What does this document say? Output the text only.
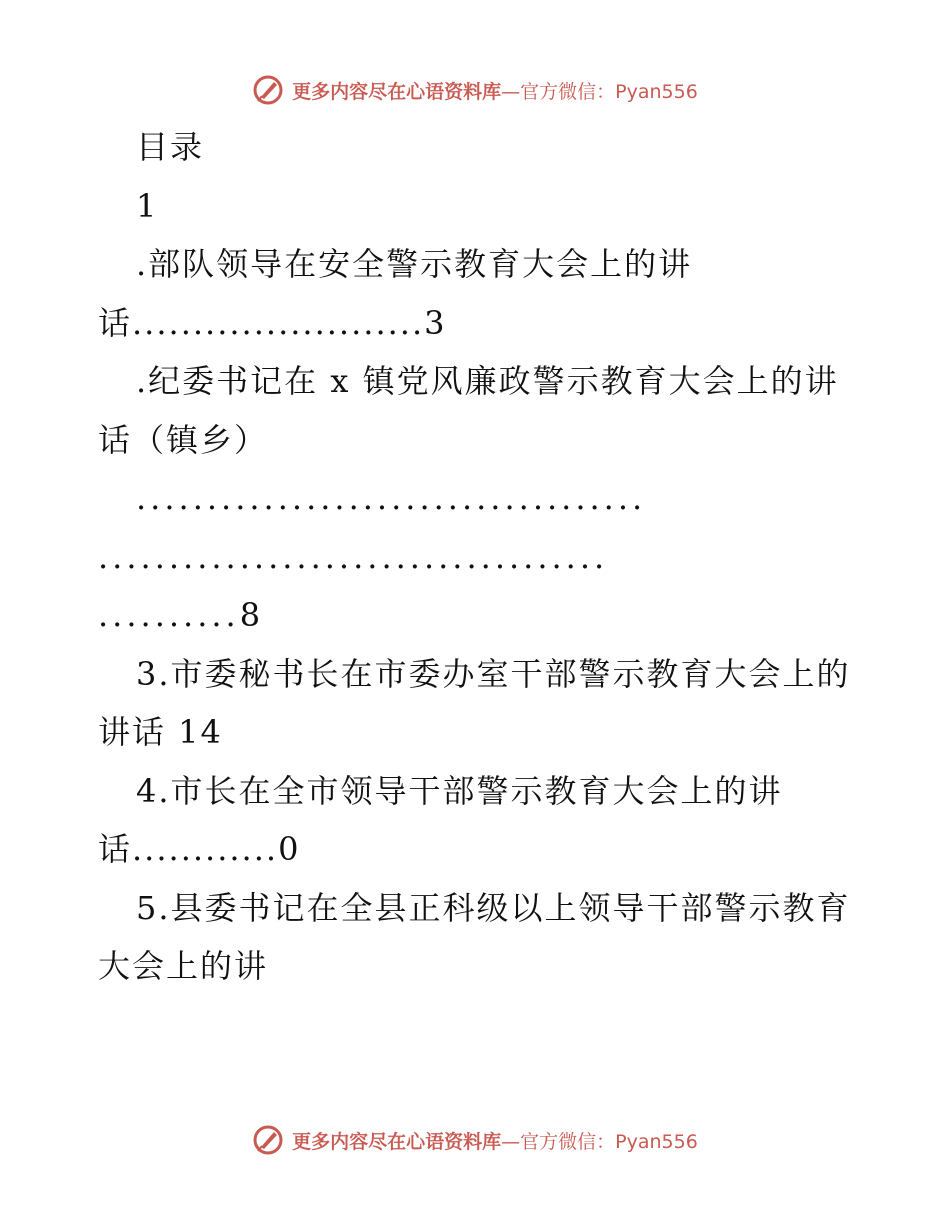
更多内容尽在心语资料库—官方微信：Pyan556
目录
1
.部队领导在安全警示教育大会上的讲
话........................3
.纪委书记在 x 镇党风廉政警示教育大会上的讲
话（镇乡）
....................................
....................................
..........8
3.市委秘书长在市委办室干部警示教育大会上的
讲话 14
4.市长在全市领导干部警示教育大会上的讲
话............0
5.县委书记在全县正科级以上领导干部警示教育
大会上的讲
更多内容尽在心语资料库—官方微信：Pyan556
